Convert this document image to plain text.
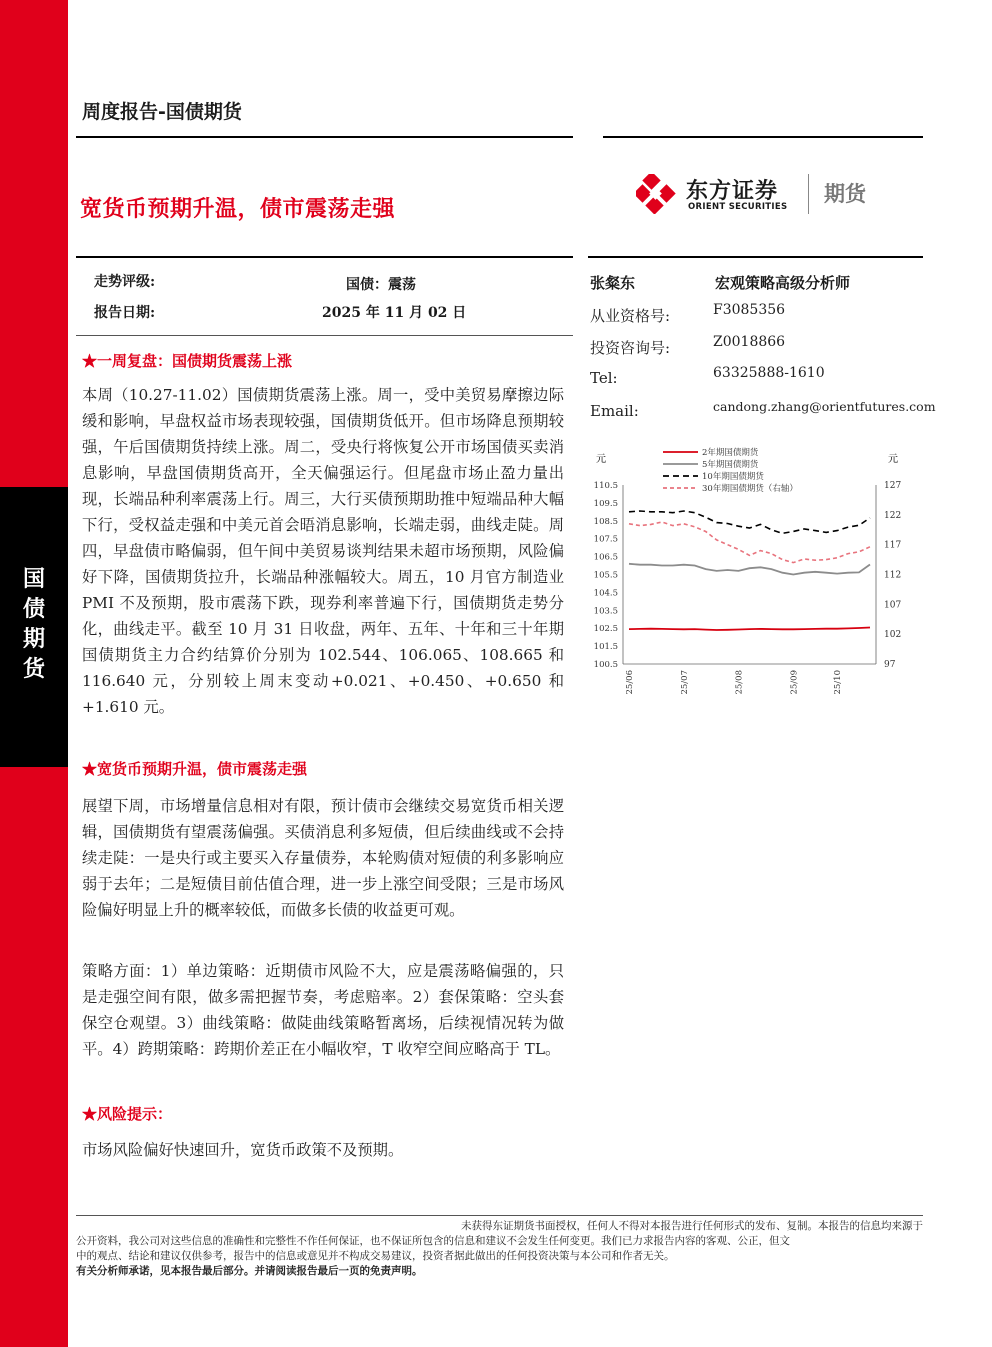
国
债
期
货
周度报告-国债期货
宽货币预期升温，债市震荡走强
东方证券
ORIENT SECURITIES
期货
走势评级:	国债：震荡
报告日期:	2025 年 11 月 02 日
张粲东	宏观策略高级分析师
从业资格号:	F3085356
投资咨询号:	Z0018866
Tel:	63325888-1610
Email:	candong.zhang@orientfutures.com
110.5
109.5
108.5
107.5
106.5
105.5
104.5
103.5
102.5
101.5
100.5
127
122
117
112
107
102
97
25/06	25/07	25/08	25/09	25/10
2年期国债期货
5年期国债期货
10年期国债期货
30年期国债期货（右轴）
元	元
★一周复盘：国债期货震荡上涨
本周（10.27-11.02）国债期货震荡上涨。周一，受中美贸易摩擦边际缓和影响，早盘权益市场表现较强，国债期货低开。但市场降息预期较强，午后国债期货持续上涨。周二，受央行将恢复公开市场国债买卖消息影响，早盘国债期货高开，全天偏强运行。但尾盘市场止盈力量出现，长端品种利率震荡上行。周三，大行买债预期助推中短端品种大幅下行，受权益走强和中美元首会晤消息影响，长端走弱，曲线走陡。周四，早盘债市略偏弱，但午间中美贸易谈判结果未超市场预期，风险偏好下降，国债期货拉升，长端品种涨幅较大。周五，10 月官方制造业 PMI 不及预期，股市震荡下跌，现券利率普遍下行，国债期货走势分化，曲线走平。截至 10 月 31 日收盘，两年、五年、十年和三十年期国债期货主力合约结算价分别为 102.544、106.065、108.665 和 116.640 元，分别较上周末变动+0.021、+0.450、+0.650 和+1.610 元。
★宽货币预期升温，债市震荡走强
展望下周，市场增量信息相对有限，预计债市会继续交易宽货币相关逻辑，国债期货有望震荡偏强。买债消息利多短债，但后续曲线或不会持续走陡：一是央行或主要买入存量债券，本轮购债对短债的利多影响应弱于去年；二是短债目前估值合理，进一步上涨空间受限；三是市场风险偏好明显上升的概率较低，而做多长债的收益更可观。
策略方面：1）单边策略：近期债市风险不大，应是震荡略偏强的，只是走强空间有限，做多需把握节奏，考虑赔率。2）套保策略：空头套保空仓观望。3）曲线策略：做陡曲线策略暂离场，后续视情况转为做平。4）跨期策略：跨期价差正在小幅收窄，T 收窄空间应略高于 TL。
★风险提示：
市场风险偏好快速回升，宽货币政策不及预期。
未获得东证期货书面授权，任何人不得对本报告进行任何形式的发布、复制。本报告的信息均来源于
公开资料，我公司对这些信息的准确性和完整性不作任何保证，也不保证所包含的信息和建议不会发生任何变更。我们已力求报告内容的客观、公正，但文
中的观点、结论和建议仅供参考，报告中的信息或意见并不构成交易建议，投资者据此做出的任何投资决策与本公司和作者无关。
有关分析师承诺，见本报告最后部分。并请阅读报告最后一页的免责声明。
